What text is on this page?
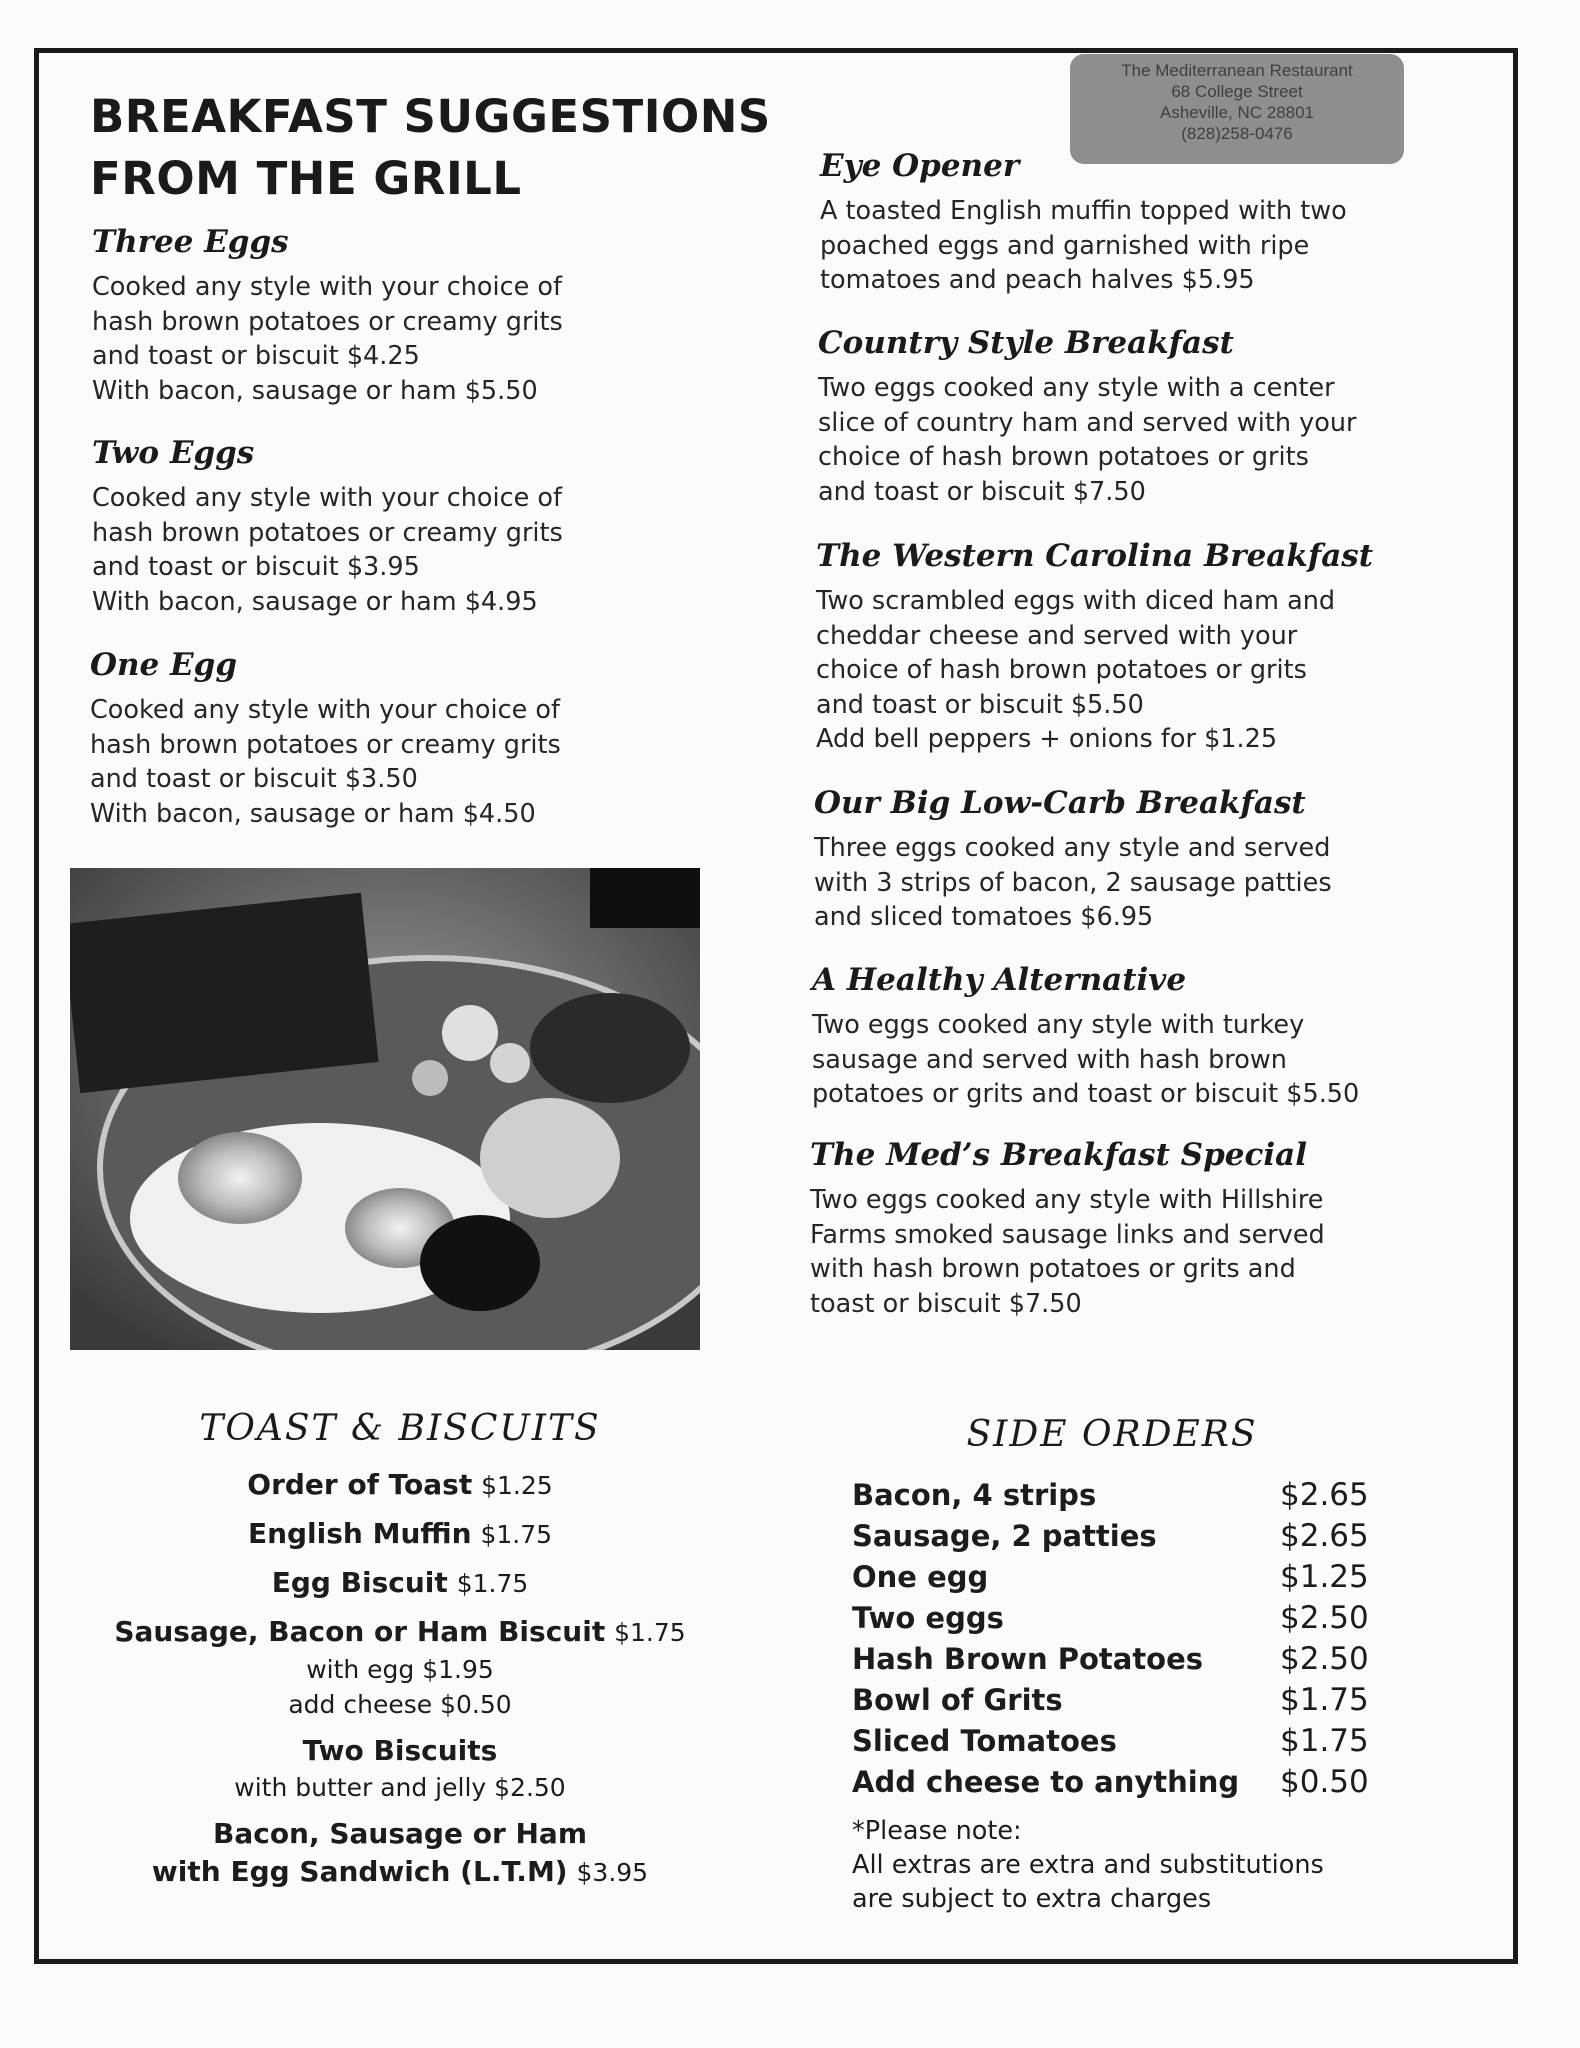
The Mediterranean Restaurant
68 College Street
Asheville, NC 28801
(828)258-0476
BREAKFAST SUGGESTIONS
FROM THE GRILL
Three Eggs
Cooked any style with your choice of
hash brown potatoes or creamy grits
and toast or biscuit $4.25
With bacon, sausage or ham $5.50
Two Eggs
Cooked any style with your choice of
hash brown potatoes or creamy grits
and toast or biscuit $3.95
With bacon, sausage or ham $4.95
One Egg
Cooked any style with your choice of
hash brown potatoes or creamy grits
and toast or biscuit $3.50
With bacon, sausage or ham $4.50
Eye Opener
A toasted English muffin topped with two
poached eggs and garnished with ripe
tomatoes and peach halves $5.95
Country Style Breakfast
Two eggs cooked any style with a center
slice of country ham and served with your
choice of hash brown potatoes or grits
and toast or biscuit $7.50
The Western Carolina Breakfast
Two scrambled eggs with diced ham and
cheddar cheese and served with your
choice of hash brown potatoes or grits
and toast or biscuit $5.50
Add bell peppers + onions for $1.25
Our Big Low-Carb Breakfast
Three eggs cooked any style and served
with 3 strips of bacon, 2 sausage patties
and sliced tomatoes $6.95
A Healthy Alternative
Two eggs cooked any style with turkey
sausage and served with hash brown
potatoes or grits and toast or biscuit $5.50
The Med’s Breakfast Special
Two eggs cooked any style with Hillshire
Farms smoked sausage links and served
with hash brown potatoes or grits and
toast or biscuit $7.50
TOAST & BISCUITS
Order of Toast $1.25
English Muffin $1.75
Egg Biscuit $1.75
Sausage, Bacon or Ham Biscuit $1.75
with egg $1.95
add cheese $0.50
Two Biscuits
with butter and jelly $2.50
Bacon, Sausage or Ham
with Egg Sandwich (L.T.M) $3.95
SIDE ORDERS
Bacon, 4 strips	$2.65
Sausage, 2 patties	$2.65
One egg	$1.25
Two eggs	$2.50
Hash Brown Potatoes $2.50
Bowl of Grits	$1.75
Sliced Tomatoes	$1.75
Add cheese to anything $0.50
*Please note:
All extras are extra and substitutions
are subject to extra charges
